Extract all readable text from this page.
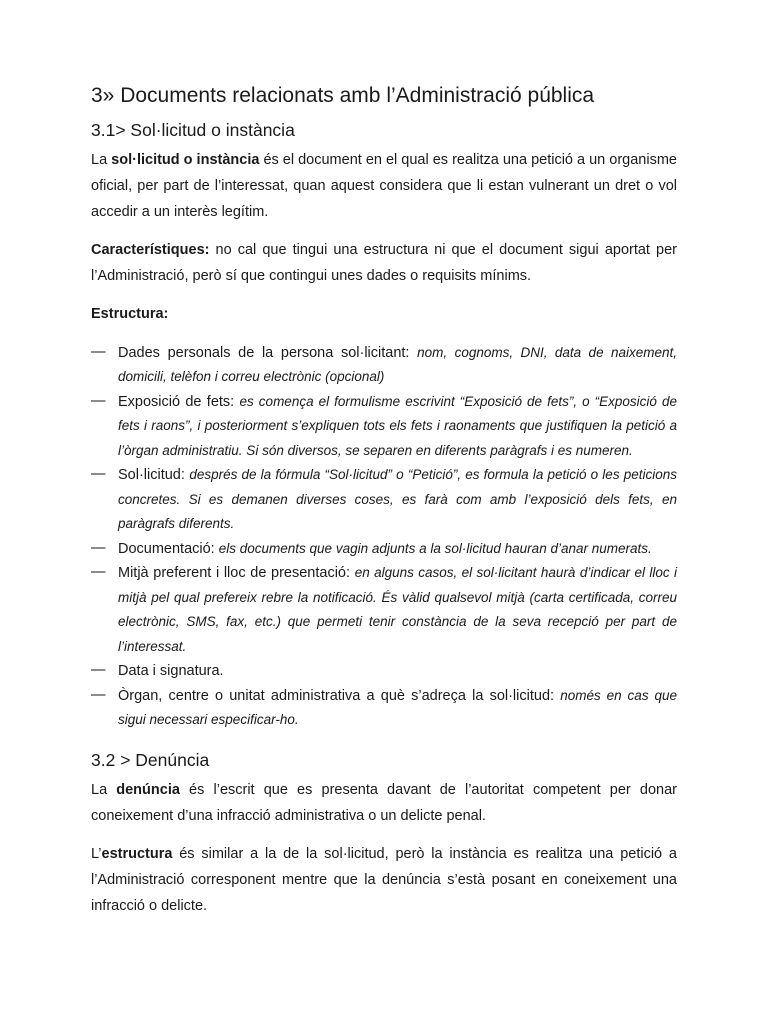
3» Documents relacionats amb l’Administració pública
3.1> Sol·licitud o instància

La sol·licitud o instància és el document en el qual es realitza una petició a un organisme oficial, per part de l’interessat, quan aquest considera que li estan vulnerant un dret o vol accedir a un interès legítim.

Característiques: no cal que tingui una estructura ni que el document sigui aportat per l’Administració, però sí que contingui unes dades o requisits mínims.

Estructura:

— Dades personals de la persona sol·licitant: nom, cognoms, DNI, data de naixement, domicili, telèfon i correu electrònic (opcional)
— Exposició de fets: es comença el formulisme escrivint “Exposició de fets”, o “Exposició de fets i raons”, i posteriorment s’expliquen tots els fets i raonaments que justifiquen la petició a l’òrgan administratiu. Si són diversos, se separen en diferents paràgrafs i es numeren.
— Sol·licitud: després de la fórmula “Sol·licitud” o “Petició”, es formula la petició o les peticions concretes. Si es demanen diverses coses, es farà com amb l’exposició dels fets, en paràgrafs diferents.
— Documentació: els documents que vagin adjunts a la sol·licitud hauran d’anar numerats.
— Mitjà preferent i lloc de presentació: en alguns casos, el sol·licitant haurà d’indicar el lloc i mitjà pel qual prefereix rebre la notificació. És vàlid qualsevol mitjà (carta certificada, correu electrònic, SMS, fax, etc.) que permeti tenir constància de la seva recepció per part de l’interessat.
— Data i signatura.
— Òrgan, centre o unitat administrativa a què s’adreça la sol·licitud: només en cas que sigui necessari especificar-ho.
3.2 > Denúncia

La denúncia és l’escrit que es presenta davant de l’autoritat competent per donar coneixement d’una infracció administrativa o un delicte penal.

L’estructura és similar a la de la sol·licitud, però la instància es realitza una petició a l’Administració corresponent mentre que la denúncia s’està posant en coneixement una infracció o delicte.
